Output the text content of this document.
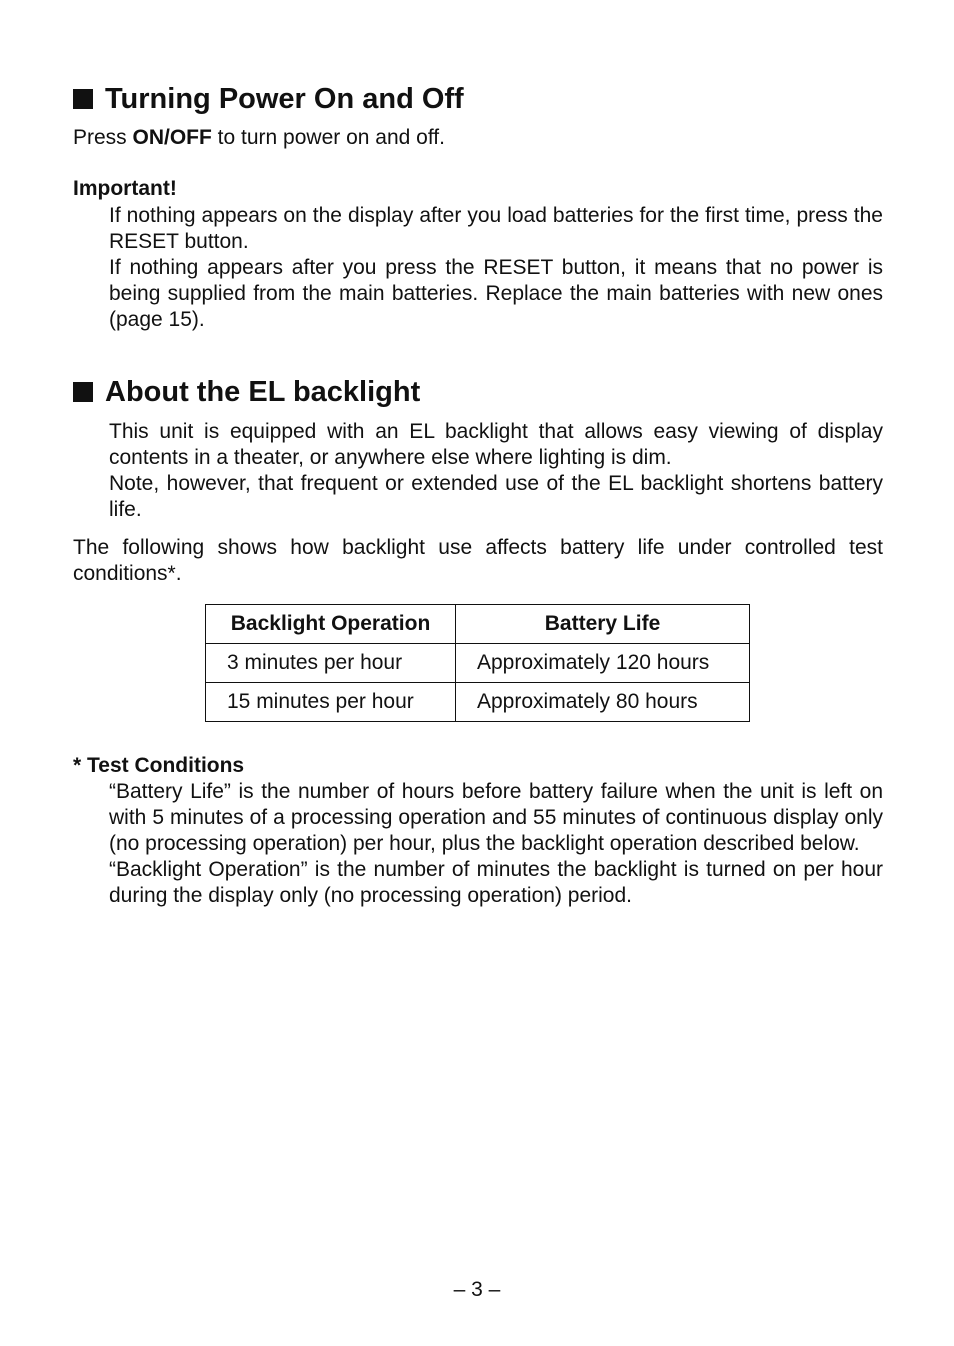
Turning Power On and Off
Press ON/OFF to turn power on and off.
Important!

If nothing appears on the display after you load batteries for the first time, press the RESET button.

If nothing appears after you press the RESET button, it means that no power is being supplied from the main batteries. Replace the main batteries with new ones (page 15).

About the EL backlight

This unit is equipped with an EL backlight that allows easy viewing of display contents in a theater, or anywhere else where lighting is dim.

Note, however, that frequent or extended use of the EL backlight shortens battery life.

The following shows how backlight use affects battery life under controlled test conditions*.
Backlight Operation	Battery Life
3 minutes per hour	Approximately 120 hours
15 minutes per hour	Approximately 80 hours
* Test Conditions

“Battery Life” is the number of hours before battery failure when the unit is left on with 5 minutes of a processing operation and 55 minutes of continuous display only (no processing operation) per hour, plus the backlight operation described below.

“Backlight Operation” is the number of minutes the backlight is turned on per hour during the display only (no processing operation) period.

– 3 –
